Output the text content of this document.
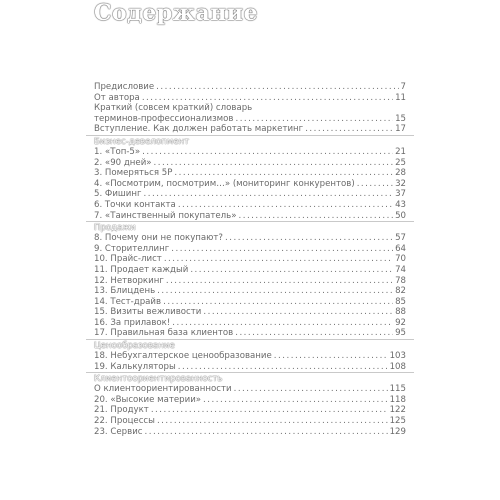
Содержание
Предисловие .....	7
От автора .....	11
Краткий (совсем краткий) словарь
терминов-профессионализмов .....	15
Вступление. Как должен работать маркетинг .....	17
Бизнес-девелопмент
1. «Топ-5» .....	21
2. «90 дней» .....	25
3. Померяться 5P .....	28
4. «Посмотрим, посмотрим…» (мониторинг конкурентов) .....	32
5. Фишинг .....	37
6. Точки контакта .....	43
7. «Таинственный покупатель» .....	50
Продажи
8. Почему они не покупают? .....	57
9. Сторителлинг .....	64
10. Прайс-лист .....	70
11. Продает каждый .....	74
12. Нетворкинг .....	78
13. Блицдень .....	82
14. Тест-драйв .....	85
15. Визиты вежливости .....	88
16. За прилавок! .....	92
17. Правильная база клиентов .....	95
Ценообразование
18. Небухгалтерское ценообразование .....	103
19. Калькуляторы .....	108
Клиентоориентированность
О клиентоориентированности .....	115
20. «Высокие материи» .....	118
21. Продукт .....	122
22. Процессы .....	125
23. Сервис .....	129
